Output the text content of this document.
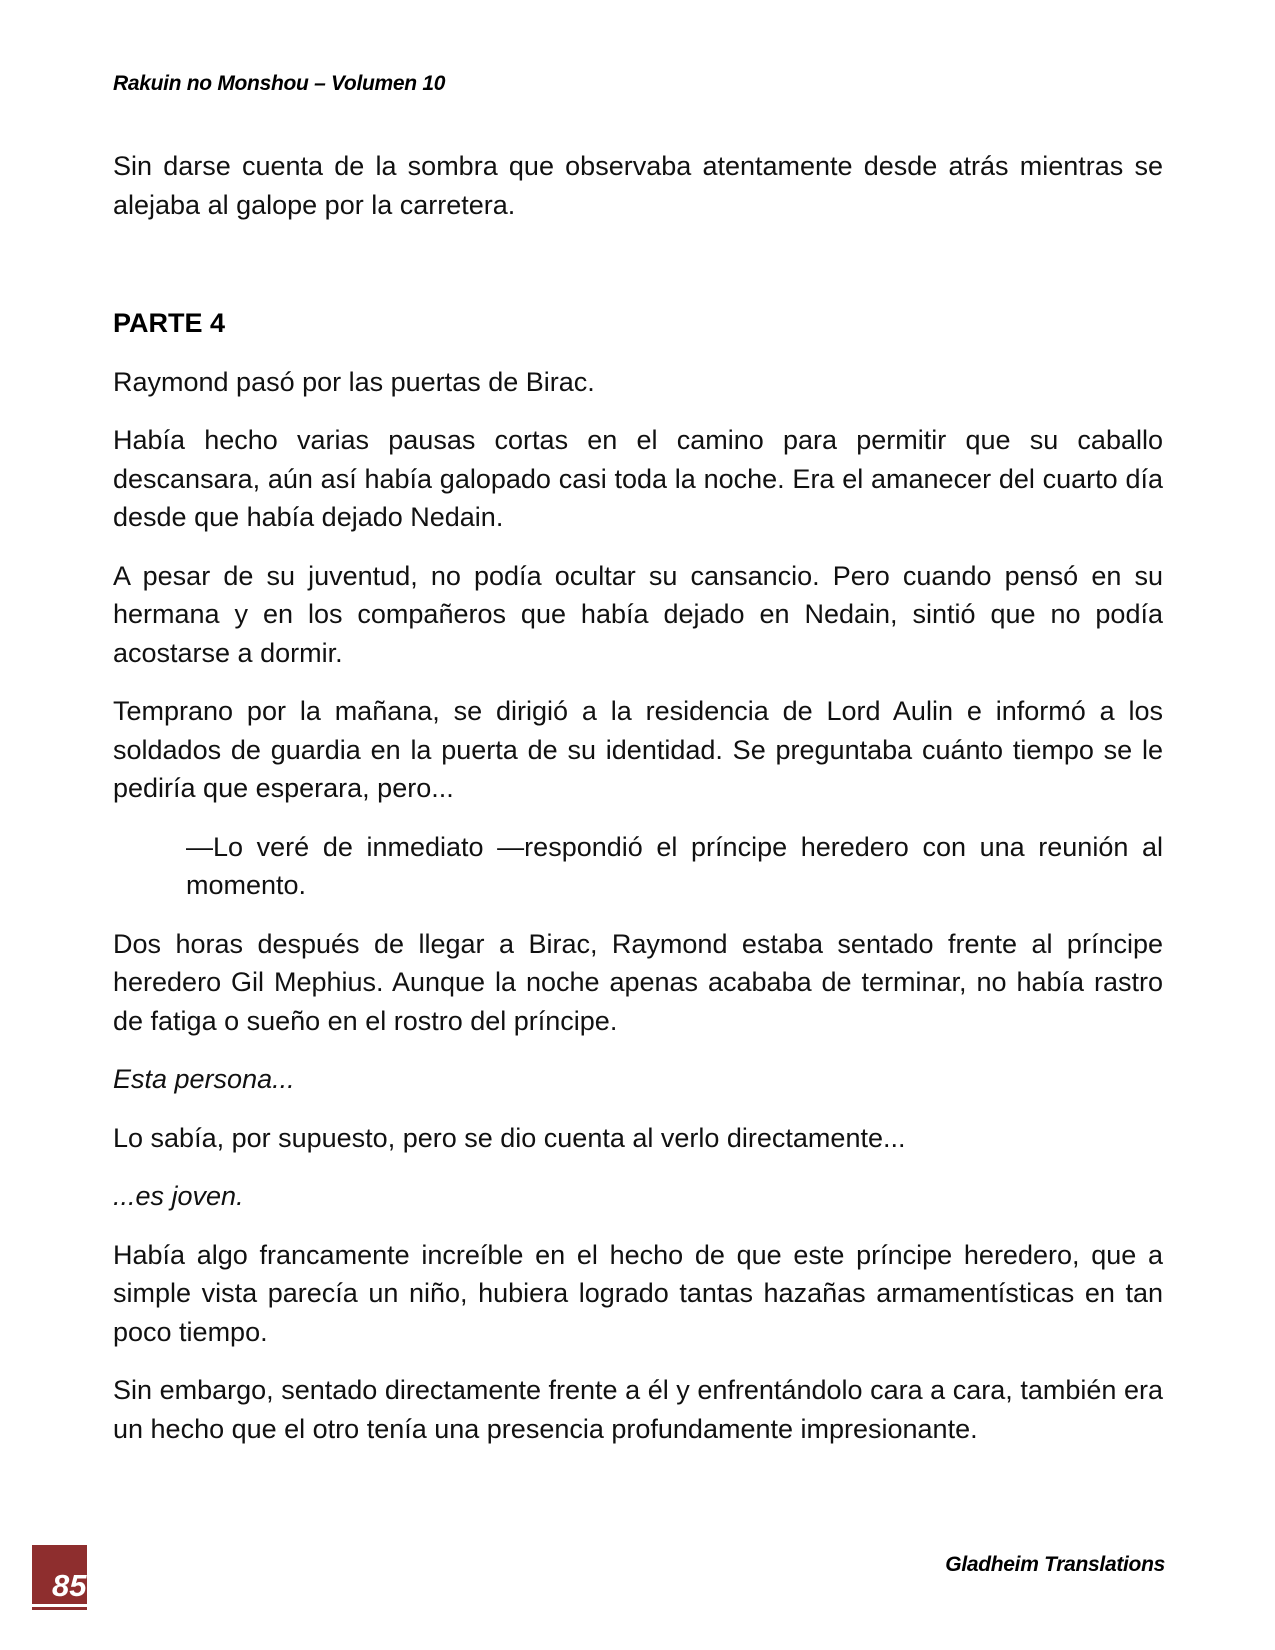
Rakuin no Monshou – Volumen 10

Sin darse cuenta de la sombra que observaba atentamente desde atrás mientras se alejaba al galope por la carretera.

PARTE 4

Raymond pasó por las puertas de Birac.

Había hecho varias pausas cortas en el camino para permitir que su caballo descansara, aún así había galopado casi toda la noche. Era el amanecer del cuarto día desde que había dejado Nedain.

A pesar de su juventud, no podía ocultar su cansancio. Pero cuando pensó en su hermana y en los compañeros que había dejado en Nedain, sintió que no podía acostarse a dormir.

Temprano por la mañana, se dirigió a la residencia de Lord Aulin e informó a los soldados de guardia en la puerta de su identidad. Se preguntaba cuánto tiempo se le pediría que esperara, pero...

—Lo veré de inmediato —respondió el príncipe heredero con una reunión al momento.

Dos horas después de llegar a Birac, Raymond estaba sentado frente al príncipe heredero Gil Mephius. Aunque la noche apenas acababa de terminar, no había rastro de fatiga o sueño en el rostro del príncipe.

Esta persona...

Lo sabía, por supuesto, pero se dio cuenta al verlo directamente...

...es joven.

Había algo francamente increíble en el hecho de que este príncipe heredero, que a simple vista parecía un niño, hubiera logrado tantas hazañas armamentísticas en tan poco tiempo.

Sin embargo, sentado directamente frente a él y enfrentándolo cara a cara, también era un hecho que el otro tenía una presencia profundamente impresionante.

85
Gladheim Translations
